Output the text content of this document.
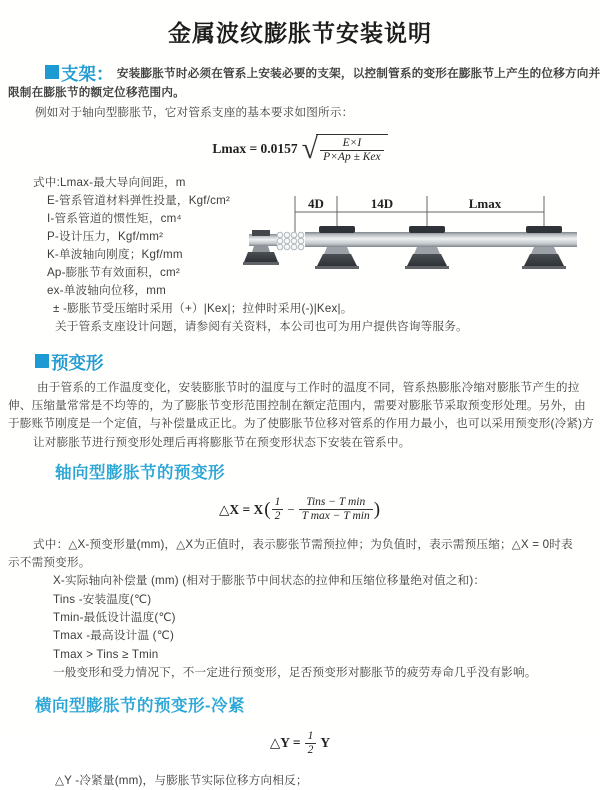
金属波纹膨胀节安装说明
支架： 安装膨胀节时必须在管系上安装必要的支架，以控制管系的变形在膨胀节上产生的位移方向并
限制在膨胀节的额定位移范围内。
例如对于轴向型膨胀节，它对管系支座的基本要求如图所示：
Lmax = 0.0157 √ $\frac{E\times I}{\text{P×Ap ± Kex}}$
式中:Lmax-最大导向间距，m
E-管系管道材料弹性投量，Kgf/cm²
I-管系管道的惯性矩，cm⁴
P-设计压力，Kgf/mm²
K-单波轴向刚度；Kgf/mm
Ap-膨胀节有效面积，cm²
ex-单波轴向位移，mm
± -膨胀节受压缩时采用（+）|Kex|；拉伸时采用(-)|Kex|。
关于管系支座设计问题，请参阅有关资料，本公司也可为用户提供咨询等服务。
4D	14D	Lmax
预变形
由于管系的工作温度变化，安装膨胀节时的温度与工作时的温度不同，管系热膨胀冷缩对膨胀节产生的拉
伸、压缩量常常是不均等的，为了膨胀节变形范围控制在额定范围内，需要对膨胀节采取预变形处理。另外，由
于膨账节刚度是一个定值，与补偿量成正比。为了使膨胀节位移对管系的作用力最小，也可以采用预变形(冷紧)方
让对膨胀节进行预变形处理后再将膨胀节在预变形状态下安装在管系中。
轴向型膨胀节的预变形
△X = X ( $\frac{1}{2} - \frac{\text{Tins − T min}}{\text{T max − T min}}$ )
式中：△X-预变形量(mm)，△X为正值时，表示膨张节需预拉伸；为负值时，表示需预压缩；△X = 0时表
示不需预变形。
X-实际轴向补偿量 (mm) (相对于膨胀节中间状态的拉伸和压缩位移量绝对值之和)：
Tins -安装温度(℃)
Tmin-最低设计温度(℃)
Tmax -最高设计温 (℃)
Tmax > Tins ≥ Tmin
一般变形和受力情况下，不一定进行预变形，足否预变形对膨胀节的疲劳寿命几乎没有影响。
横向型膨胀节的预变形-冷紧
△Y =
$\frac{1}{2}$ Y
△Y -冷紧量(mm)，与膨胀节实际位移方向相反；
